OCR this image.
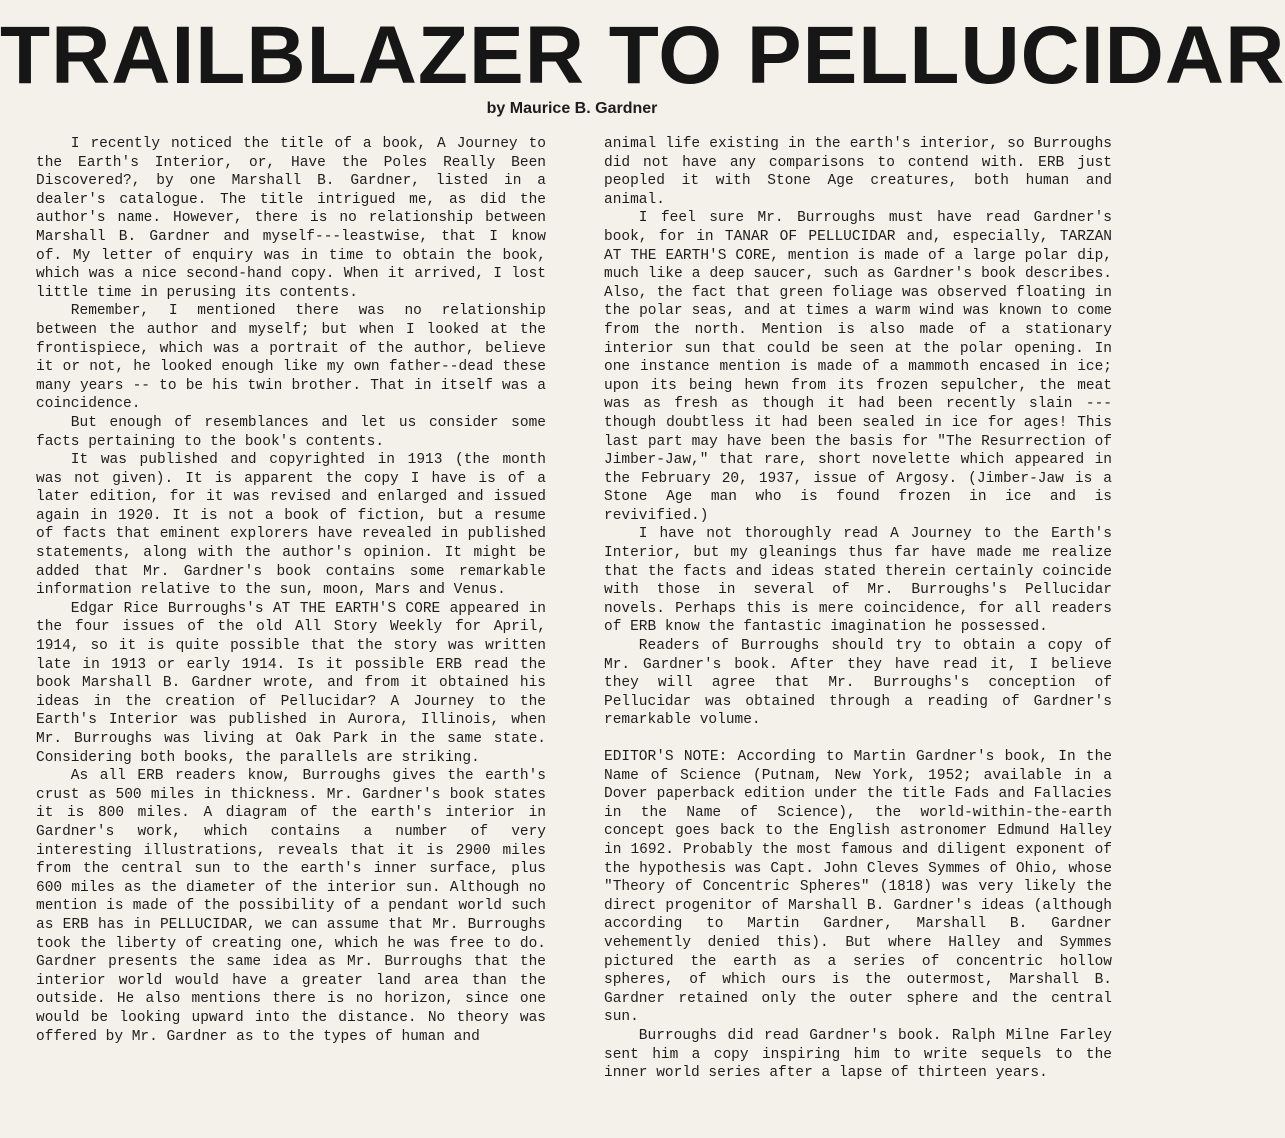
TRAILBLAZER TO PELLUCIDAR
by Maurice B. Gardner

I recently noticed the title of a book, A Journey to the Earth's Interior, or, Have the Poles Really Been Discovered?, by one Marshall B. Gardner, listed in a dealer's catalogue. The title intrigued me, as did the author's name. However, there is no relationship between Marshall B. Gardner and myself---leastwise, that I know of. My letter of enquiry was in time to obtain the book, which was a nice second-hand copy. When it arrived, I lost little time in perusing its contents.

Remember, I mentioned there was no relationship between the author and myself; but when I looked at the frontispiece, which was a portrait of the author, believe it or not, he looked enough like my own father--dead these many years -- to be his twin brother. That in itself was a coincidence.

But enough of resemblances and let us consider some facts pertaining to the book's contents.

It was published and copyrighted in 1913 (the month was not given). It is apparent the copy I have is of a later edition, for it was revised and enlarged and issued again in 1920. It is not a book of fiction, but a resume of facts that eminent explorers have revealed in published statements, along with the author's opinion. It might be added that Mr. Gardner's book contains some remarkable information relative to the sun, moon, Mars and Venus.

Edgar Rice Burroughs's AT THE EARTH'S CORE appeared in the four issues of the old All Story Weekly for April, 1914, so it is quite possible that the story was written late in 1913 or early 1914. Is it possible ERB read the book Marshall B. Gardner wrote, and from it obtained his ideas in the creation of Pellucidar? A Journey to the Earth's Interior was published in Aurora, Illinois, when Mr. Burroughs was living at Oak Park in the same state. Considering both books, the parallels are striking.

As all ERB readers know, Burroughs gives the earth's crust as 500 miles in thickness. Mr. Gardner's book states it is 800 miles. A diagram of the earth's interior in Gardner's work, which contains a number of very interesting illustrations, reveals that it is 2900 miles from the central sun to the earth's inner surface, plus 600 miles as the diameter of the interior sun. Although no mention is made of the possibility of a pendant world such as ERB has in PELLUCIDAR, we can assume that Mr. Burroughs took the liberty of creating one, which he was free to do. Gardner presents the same idea as Mr. Burroughs that the interior world would have a greater land area than the outside. He also mentions there is no horizon, since one would be looking upward into the distance. No theory was offered by Mr. Gardner as to the types of human and

animal life existing in the earth's interior, so Burroughs did not have any comparisons to contend with. ERB just peopled it with Stone Age creatures, both human and animal.

I feel sure Mr. Burroughs must have read Gardner's book, for in TANAR OF PELLUCIDAR and, especially, TARZAN AT THE EARTH'S CORE, mention is made of a large polar dip, much like a deep saucer, such as Gardner's book describes. Also, the fact that green foliage was observed floating in the polar seas, and at times a warm wind was known to come from the north. Mention is also made of a stationary interior sun that could be seen at the polar opening. In one instance mention is made of a mammoth encased in ice; upon its being hewn from its frozen sepulcher, the meat was as fresh as though it had been recently slain --- though doubtless it had been sealed in ice for ages! This last part may have been the basis for "The Resurrection of Jimber-Jaw," that rare, short novelette which appeared in the February 20, 1937, issue of Argosy. (Jimber-Jaw is a Stone Age man who is found frozen in ice and is revivified.)

I have not thoroughly read A Journey to the Earth's Interior, but my gleanings thus far have made me realize that the facts and ideas stated therein certainly coincide with those in several of Mr. Burroughs's Pellucidar novels. Perhaps this is mere coincidence, for all readers of ERB know the fantastic imagination he possessed.

Readers of Burroughs should try to obtain a copy of Mr. Gardner's book. After they have read it, I believe they will agree that Mr. Burroughs's conception of Pellucidar was obtained through a reading of Gardner's remarkable volume.

EDITOR'S NOTE: According to Martin Gardner's book, In the Name of Science (Putnam, New York, 1952; available in a Dover paperback edition under the title Fads and Fallacies in the Name of Science), the world-within-the-earth concept goes back to the English astronomer Edmund Halley in 1692. Probably the most famous and diligent exponent of the hypothesis was Capt. John Cleves Symmes of Ohio, whose "Theory of Concentric Spheres" (1818) was very likely the direct progenitor of Marshall B. Gardner's ideas (although according to Martin Gardner, Marshall B. Gardner vehemently denied this). But where Halley and Symmes pictured the earth as a series of concentric hollow spheres, of which ours is the outermost, Marshall B. Gardner retained only the outer sphere and the central sun.

Burroughs did read Gardner's book. Ralph Milne Farley sent him a copy inspiring him to write sequels to the inner world series after a lapse of thirteen years.
